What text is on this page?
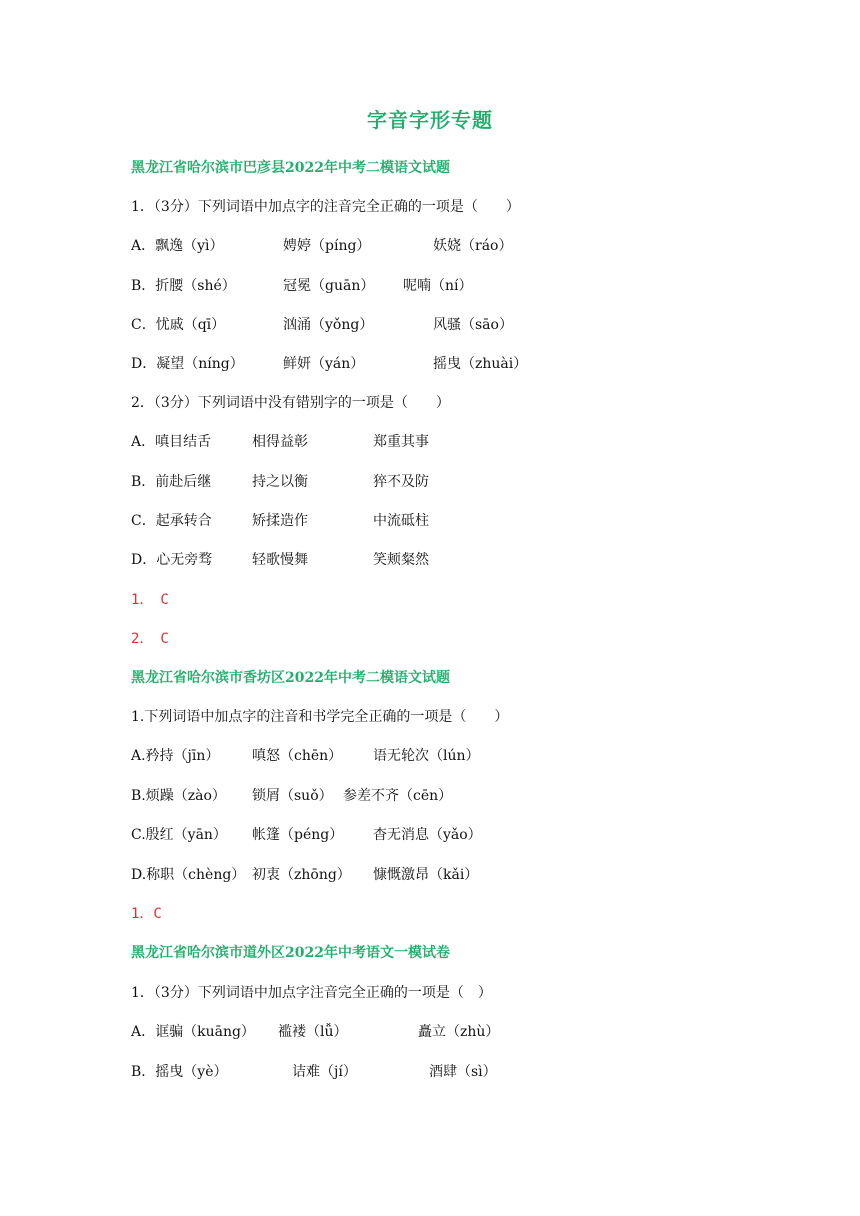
字音字形专题
黑龙江省哈尔滨市巴彦县2022年中考二模语文试题
1．（3分）下列词语中加点字的注音完全正确的一项是（　　）
A．飘逸（yì）	娉婷（píng）	妖娆（ráo）
B．折腰（shé）	冠冕（guān） 呢喃（ní）
C．忧戚（qī）	汹涌（yǒng）	风骚（sāo）
D．凝望（níng）	鲜妍（yán）	摇曳（zhuài）
2．（3分）下列词语中没有错别字的一项是（　　）
A．嗔目结舌	相得益彰	郑重其事
B．前赴后继	持之以衡	猝不及防
C．起承转合	矫揉造作	中流砥柱
D．心无旁骛	轻歌慢舞	笑颊粲然
1．　C
2．　C
黑龙江省哈尔滨市香坊区2022年中考二模语文试题
1.下列词语中加点字的注音和书学完全正确的一项是（　　）
A.矜持（jīn） 嗔怒（chēn） 语无轮次（lún）
B.烦躁（zào） 锁屑（suǒ） 参差不齐（cēn）
C.殷红（yān） 帐篷（péng） 杳无消息（yǎo）
D.称职（chèng） 初衷（zhōng） 慷慨激昂（kǎi）
1．C
黑龙江省哈尔滨市道外区2022年中考语文一模试卷
1．（3分）下列词语中加点字注音完全正确的一项是（　）
A．诓骗（kuāng） 褴褛（lǚ）	矗立（zhù）
B．摇曳（yè）	诘难（jí）	酒肆（sì）
